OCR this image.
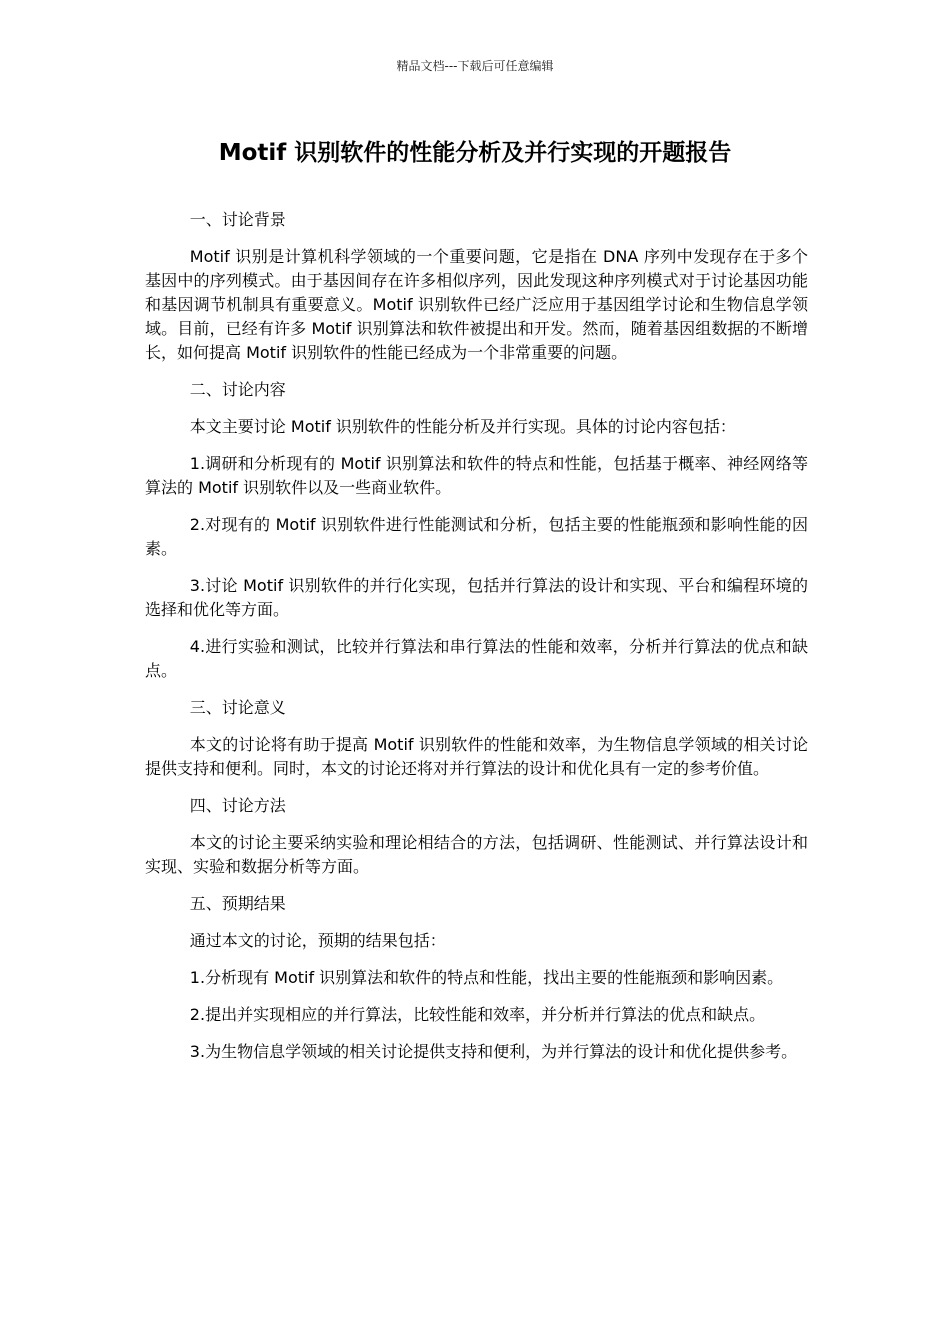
精品文档---下载后可任意编辑
Motif 识别软件的性能分析及并行实现的开题报告

一、讨论背景

Motif 识别是计算机科学领域的一个重要问题，它是指在 DNA 序列中发现存在于多个基因中的序列模式。由于基因间存在许多相似序列，因此发现这种序列模式对于讨论基因功能和基因调节机制具有重要意义。Motif 识别软件已经广泛应用于基因组学讨论和生物信息学领域。目前，已经有许多 Motif 识别算法和软件被提出和开发。然而，随着基因组数据的不断增长，如何提高 Motif 识别软件的性能已经成为一个非常重要的问题。

二、讨论内容

本文主要讨论 Motif 识别软件的性能分析及并行实现。具体的讨论内容包括：

1.调研和分析现有的 Motif 识别算法和软件的特点和性能，包括基于概率、神经网络等算法的 Motif 识别软件以及一些商业软件。

2.对现有的 Motif 识别软件进行性能测试和分析，包括主要的性能瓶颈和影响性能的因素。

3.讨论 Motif 识别软件的并行化实现，包括并行算法的设计和实现、平台和编程环境的选择和优化等方面。

4.进行实验和测试，比较并行算法和串行算法的性能和效率，分析并行算法的优点和缺点。

三、讨论意义

本文的讨论将有助于提高 Motif 识别软件的性能和效率，为生物信息学领域的相关讨论提供支持和便利。同时，本文的讨论还将对并行算法的设计和优化具有一定的参考价值。

四、讨论方法

本文的讨论主要采纳实验和理论相结合的方法，包括调研、性能测试、并行算法设计和实现、实验和数据分析等方面。

五、预期结果

通过本文的讨论，预期的结果包括：

1.分析现有 Motif 识别算法和软件的特点和性能，找出主要的性能瓶颈和影响因素。

2.提出并实现相应的并行算法，比较性能和效率，并分析并行算法的优点和缺点。

3.为生物信息学领域的相关讨论提供支持和便利，为并行算法的设计和优化提供参考。
